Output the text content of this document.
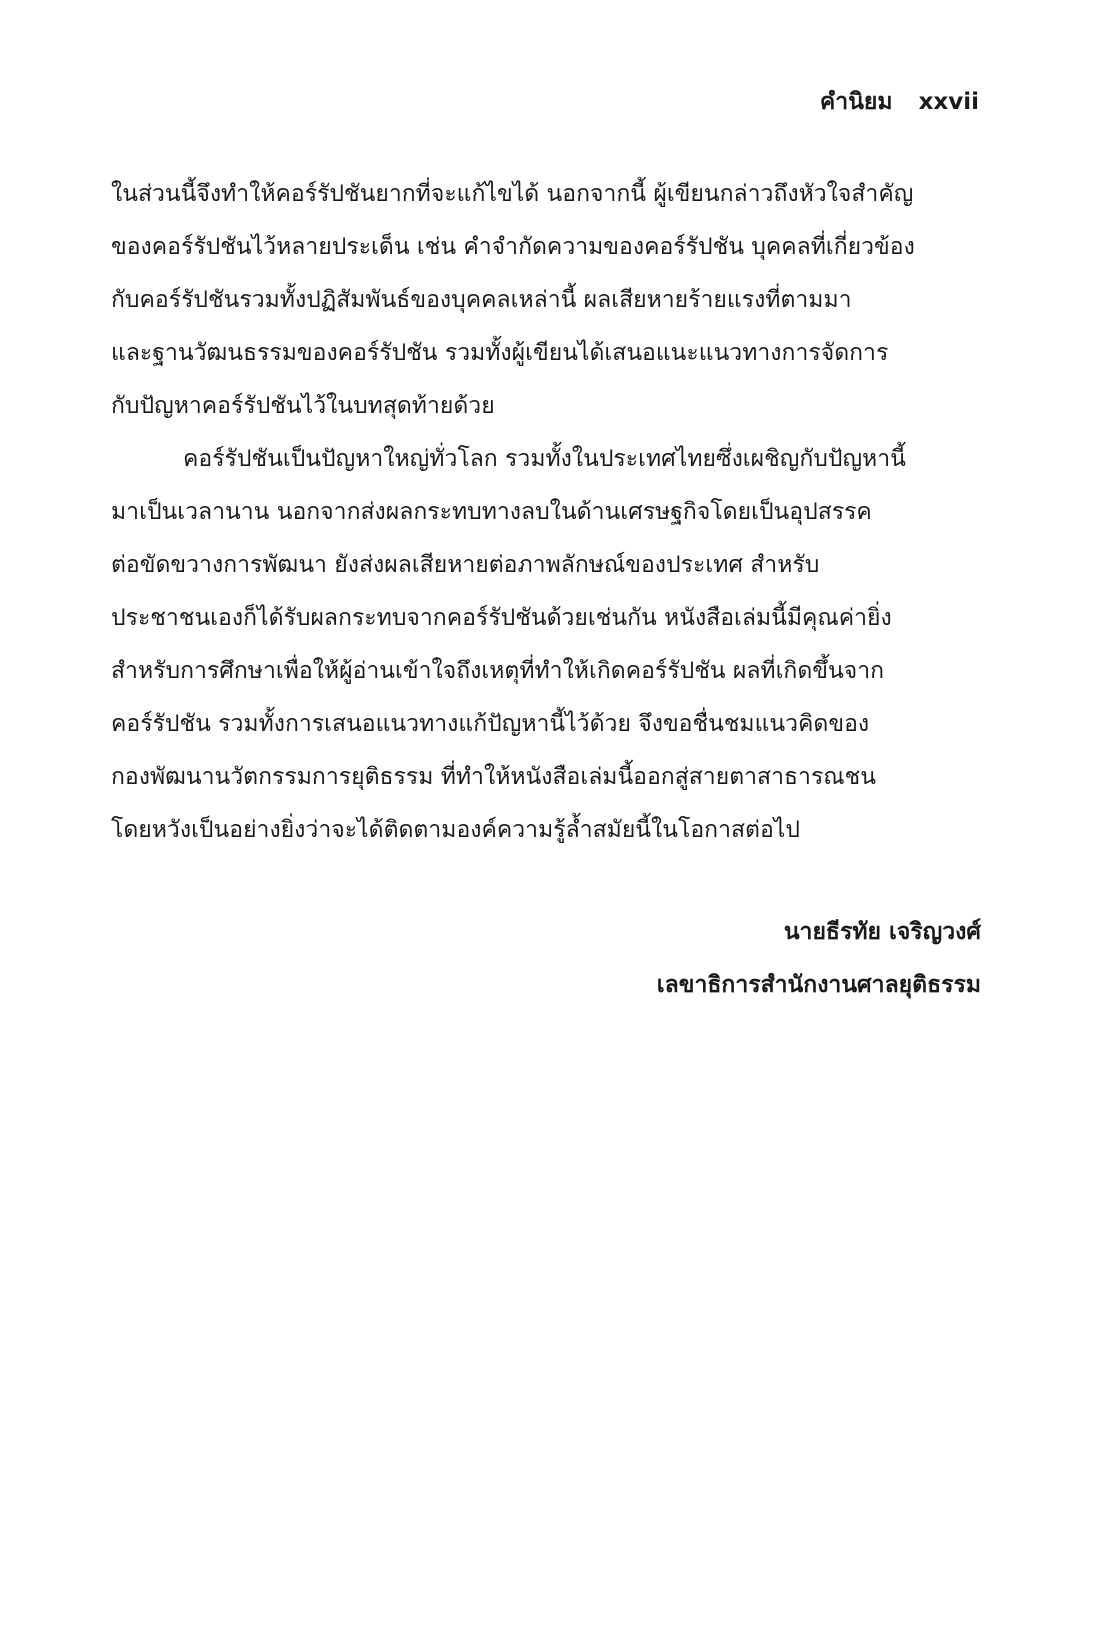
คำนิยม xxvii
ในส่วนนี้จึงทำให้คอร์รัปชันยากที่จะแก้ไขได้ นอกจากนี้ ผู้เขียนกล่าวถึงหัวใจสำคัญ
ของคอร์รัปชันไว้หลายประเด็น เช่น คำจำกัดความของคอร์รัปชัน บุคคลที่เกี่ยวข้อง
กับคอร์รัปชันรวมทั้งปฏิสัมพันธ์ของบุคคลเหล่านี้ ผลเสียหายร้ายแรงที่ตามมา
และฐานวัฒนธรรมของคอร์รัปชัน รวมทั้งผู้เขียนได้เสนอแนะแนวทางการจัดการ
กับปัญหาคอร์รัปชันไว้ในบทสุดท้ายด้วย
คอร์รัปชันเป็นปัญหาใหญ่ทั่วโลก รวมทั้งในประเทศไทยซึ่งเผชิญกับปัญหานี้
มาเป็นเวลานาน นอกจากส่งผลกระทบทางลบในด้านเศรษฐกิจโดยเป็นอุปสรรค
ต่อขัดขวางการพัฒนา ยังส่งผลเสียหายต่อภาพลักษณ์ของประเทศ สำหรับ
ประชาชนเองก็ได้รับผลกระทบจากคอร์รัปชันด้วยเช่นกัน หนังสือเล่มนี้มีคุณค่ายิ่ง
สำหรับการศึกษาเพื่อให้ผู้อ่านเข้าใจถึงเหตุที่ทำให้เกิดคอร์รัปชัน ผลที่เกิดขึ้นจาก
คอร์รัปชัน รวมทั้งการเสนอแนวทางแก้ปัญหานี้ไว้ด้วย จึงขอชื่นชมแนวคิดของ
กองพัฒนานวัตกรรมการยุติธรรม ที่ทำให้หนังสือเล่มนี้ออกสู่สายตาสาธารณชน
โดยหวังเป็นอย่างยิ่งว่าจะได้ติดตามองค์ความรู้ล้ำสมัยนี้ในโอกาสต่อไป
นายธีรทัย เจริญวงศ์
เลขาธิการสำนักงานศาลยุติธรรม
